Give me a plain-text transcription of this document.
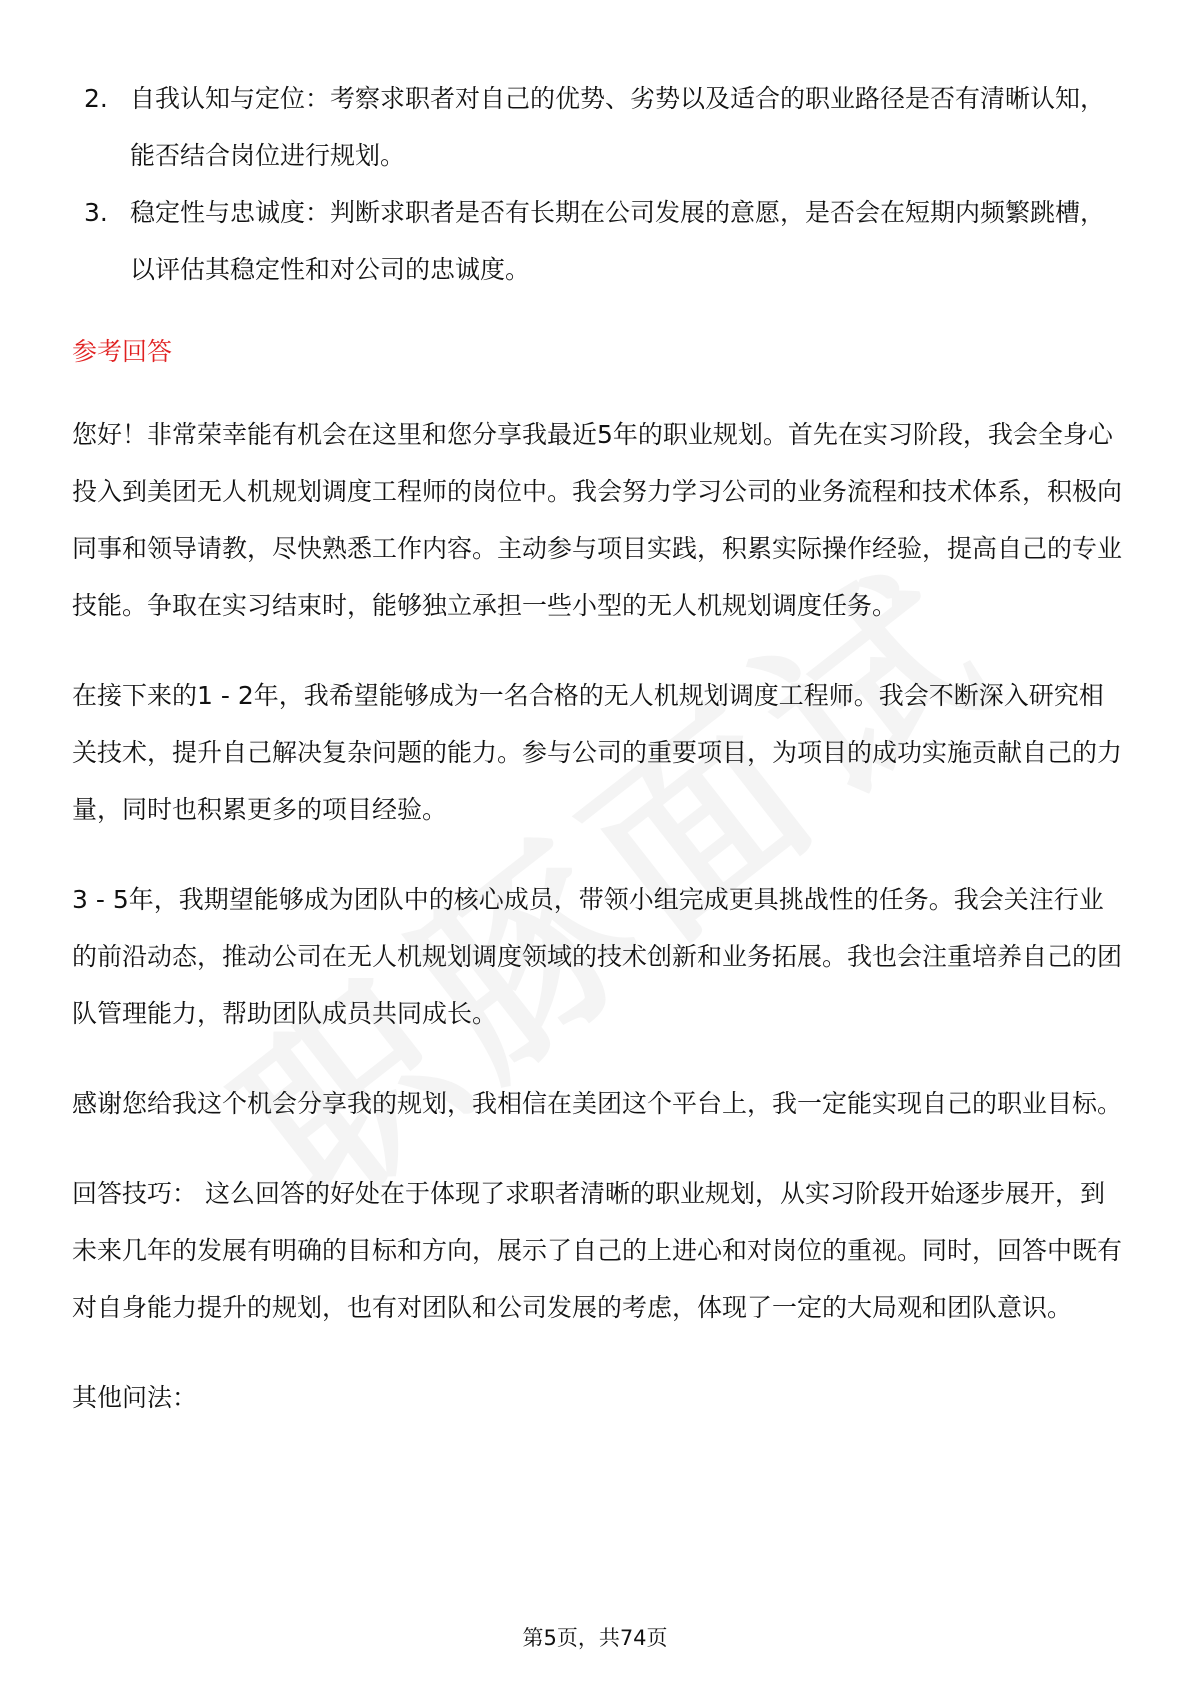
2. 自我认知与定位：考察求职者对自己的优势、劣势以及适合的职业路径是否有清晰认知，能否结合岗位进行规划。
3. 稳定性与忠诚度：判断求职者是否有长期在公司发展的意愿，是否会在短期内频繁跳槽，以评估其稳定性和对公司的忠诚度。
参考回答

您好！非常荣幸能有机会在这里和您分享我最近5年的职业规划。首先在实习阶段，我会全身心投入到美团无人机规划调度工程师的岗位中。我会努力学习公司的业务流程和技术体系，积极向同事和领导请教，尽快熟悉工作内容。主动参与项目实践，积累实际操作经验，提高自己的专业技能。争取在实习结束时，能够独立承担一些小型的无人机规划调度任务。

在接下来的1 - 2年，我希望能够成为一名合格的无人机规划调度工程师。我会不断深入研究相关技术，提升自己解决复杂问题的能力。参与公司的重要项目，为项目的成功实施贡献自己的力量，同时也积累更多的项目经验。

3 - 5年，我期望能够成为团队中的核心成员，带领小组完成更具挑战性的任务。我会关注行业的前沿动态，推动公司在无人机规划调度领域的技术创新和业务拓展。我也会注重培养自己的团队管理能力，帮助团队成员共同成长。

感谢您给我这个机会分享我的规划，我相信在美团这个平台上，我一定能实现自己的职业目标。

回答技巧： 这么回答的好处在于体现了求职者清晰的职业规划，从实习阶段开始逐步展开，到未来几年的发展有明确的目标和方向，展示了自己的上进心和对岗位的重视。同时，回答中既有对自身能力提升的规划，也有对团队和公司发展的考虑，体现了一定的大局观和团队意识。

其他问法：

第5页，共74页
